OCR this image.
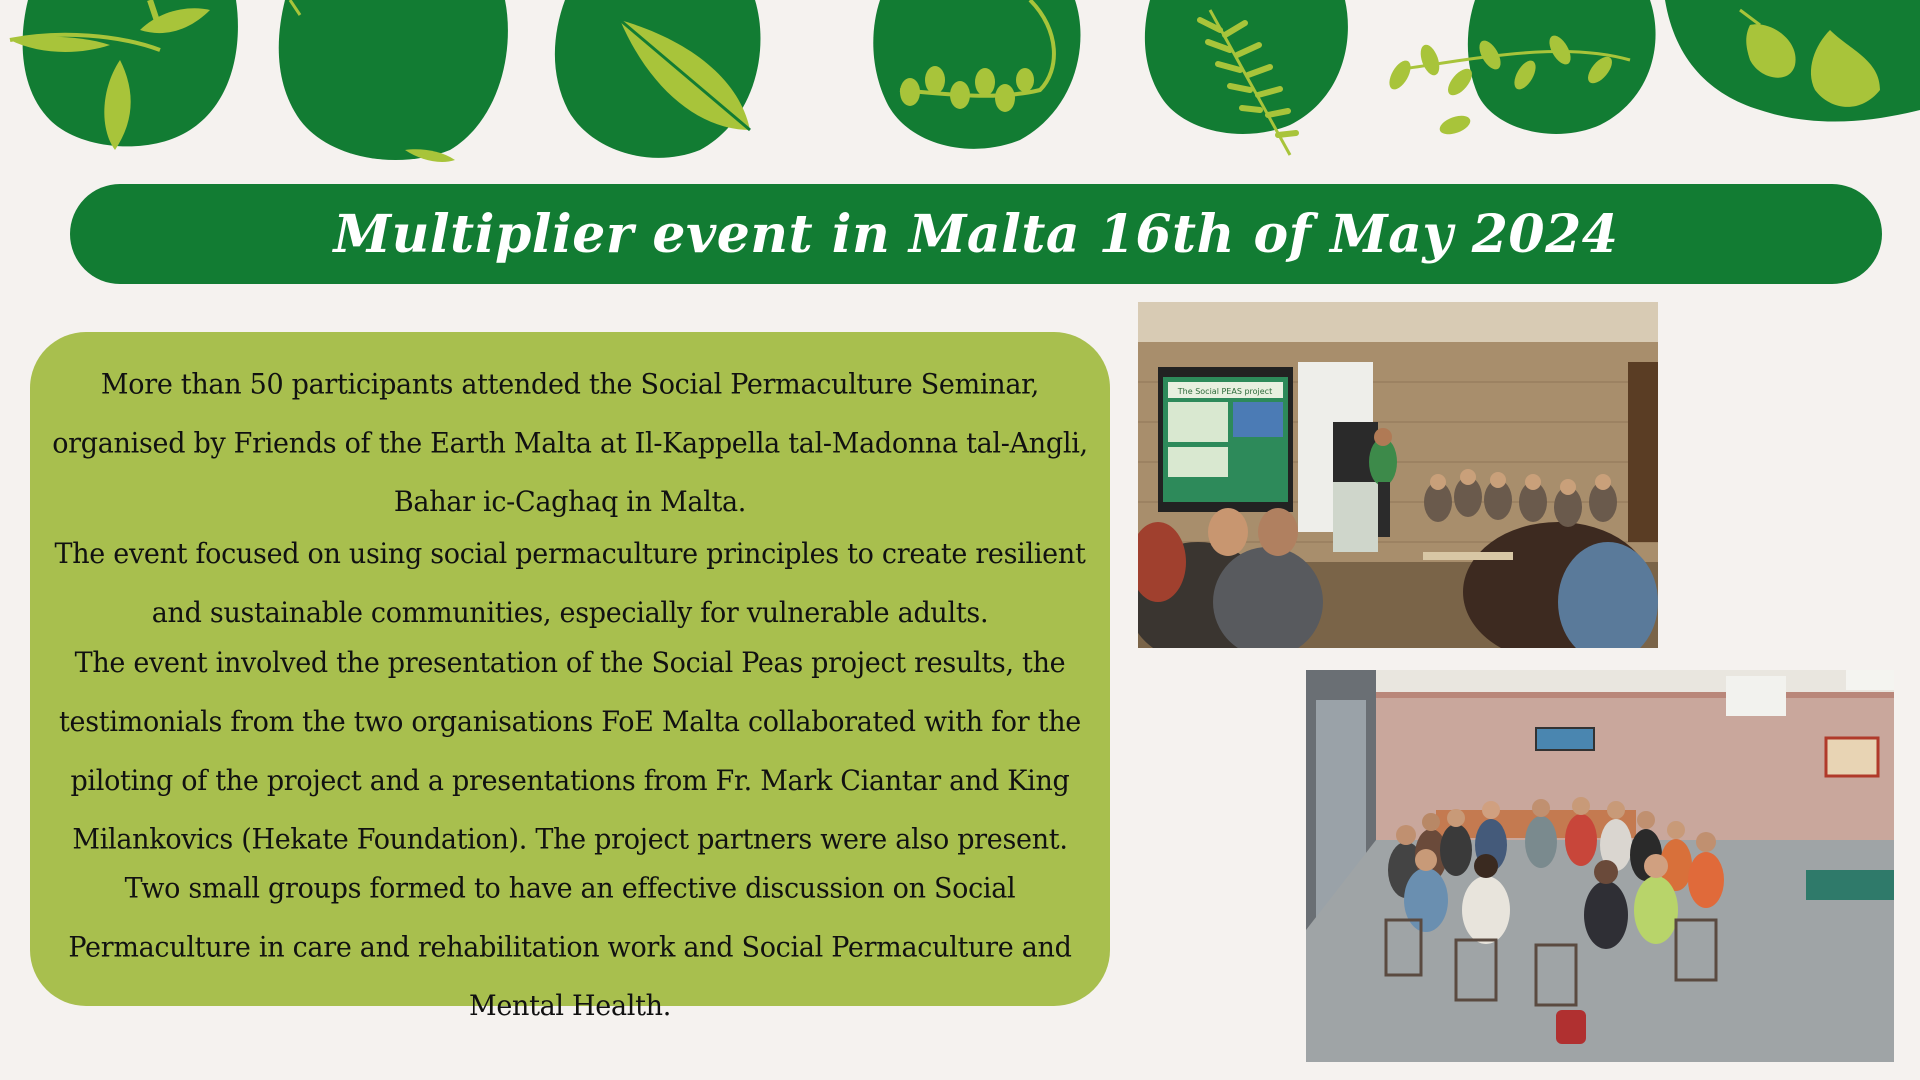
Multiplier event in Malta 16th of May 2024

More than 50 participants attended the Social Permaculture Seminar, organised by Friends of the Earth Malta at Il-Kappella tal-Madonna tal-Angli, Bahar ic-Caghaq in Malta.

The event focused on using social permaculture principles to create resilient and sustainable communities, especially for vulnerable adults.

The event involved the presentation of the Social Peas project results, the testimonials from the two organisations FoE Malta collaborated with for the piloting of the project and a presentations from Fr. Mark Ciantar and King Milankovics (Hekate Foundation). The project partners were also present.

Two small groups formed to have an effective discussion on Social Permaculture in care and rehabilitation work and Social Permaculture and Mental Health.

The Social PEAS project
